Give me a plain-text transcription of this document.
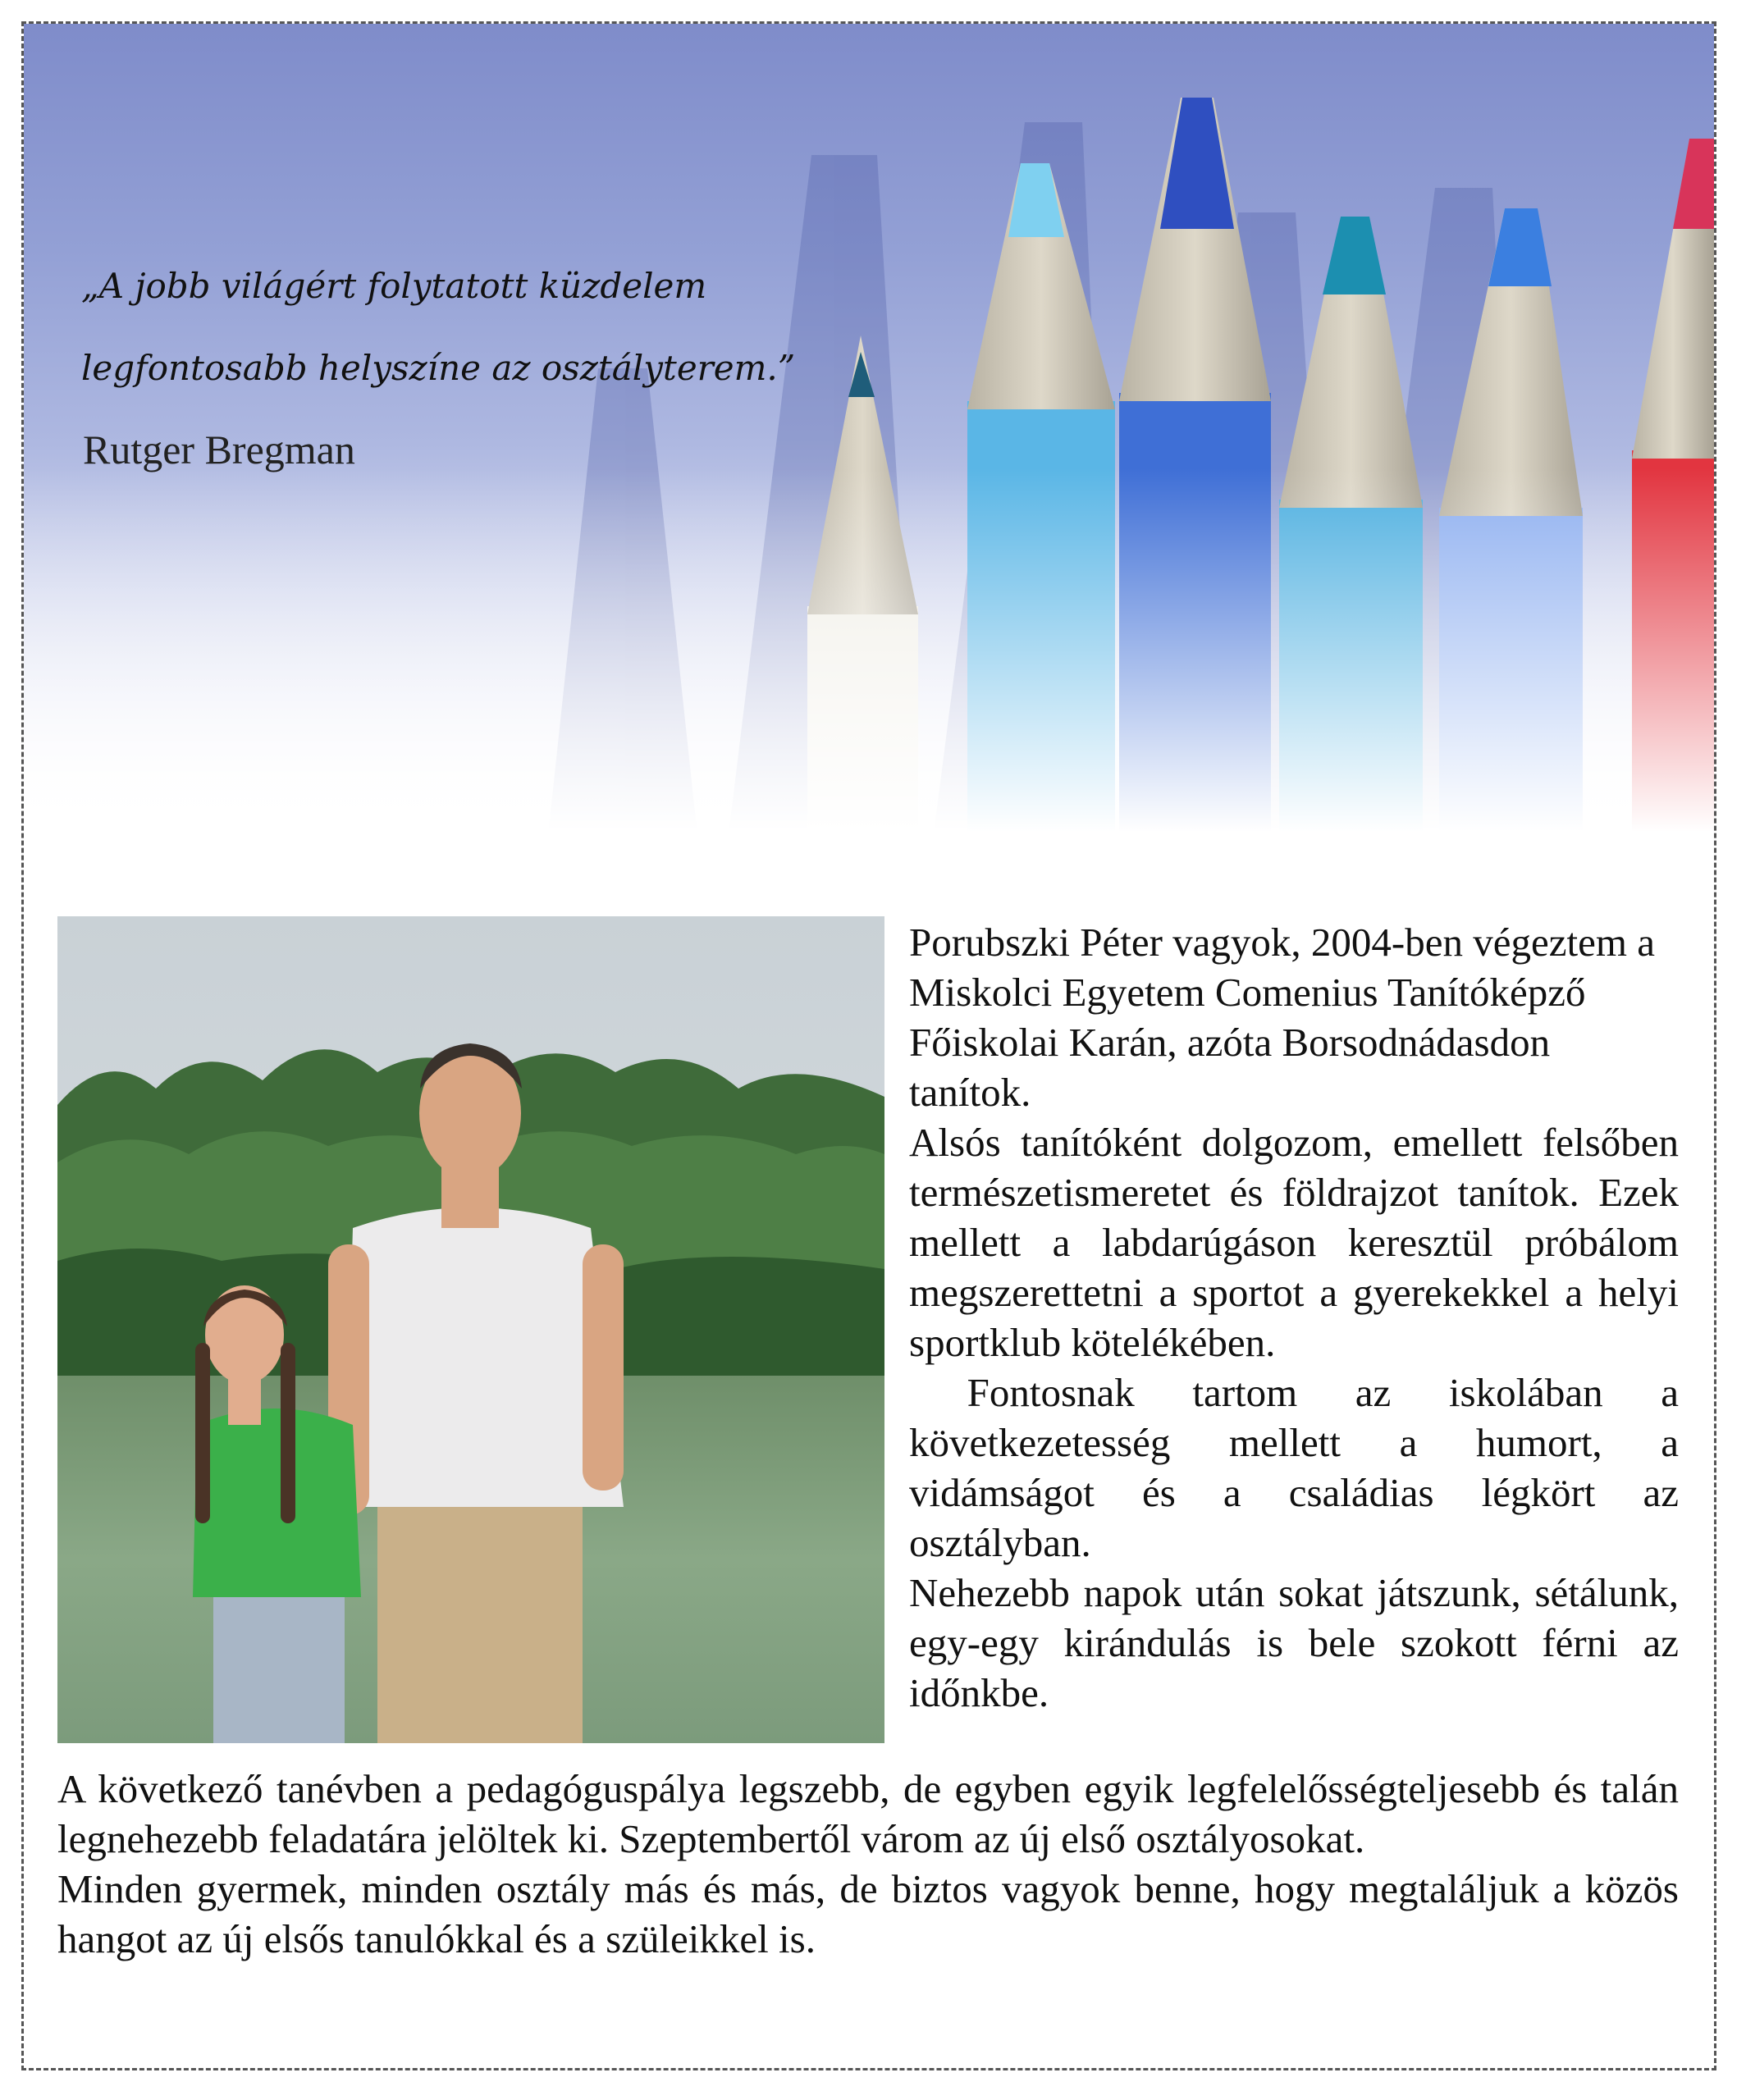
„A jobb világért folytatott küzdelem
legfontosabb helyszíne az osztályterem.”

Rutger Bregman

Porubszki Péter vagyok, 2004-ben végeztem a Miskolci Egyetem Comenius Tanítóképző Főiskolai Karán, azóta Borsodnádasdon tanítok.

Alsós tanítóként dolgozom, emellett felsőben természetismeretet és földrajzot tanítok. Ezek mellett a labdarúgáson keresztül próbálom megszerettetni a sportot a gyerekekkel a helyi sportklub kötelékében.

Fontosnak tartom az iskolában a következetesség mellett a humort, a vidámságot és a családias légkört az osztályban.

Nehezebb napok után sokat játszunk, sétálunk, egy-egy kirándulás is bele szokott férni az időnkbe.

A következő tanévben a pedagóguspálya legszebb, de egyben egyik legfelelősségteljesebb és talán legnehezebb feladatára jelöltek ki. Szeptembertől várom az új első osztályosokat.

Minden gyermek, minden osztály más és más, de biztos vagyok benne, hogy megtaláljuk a közös hangot az új elsős tanulókkal és a szüleikkel is.
